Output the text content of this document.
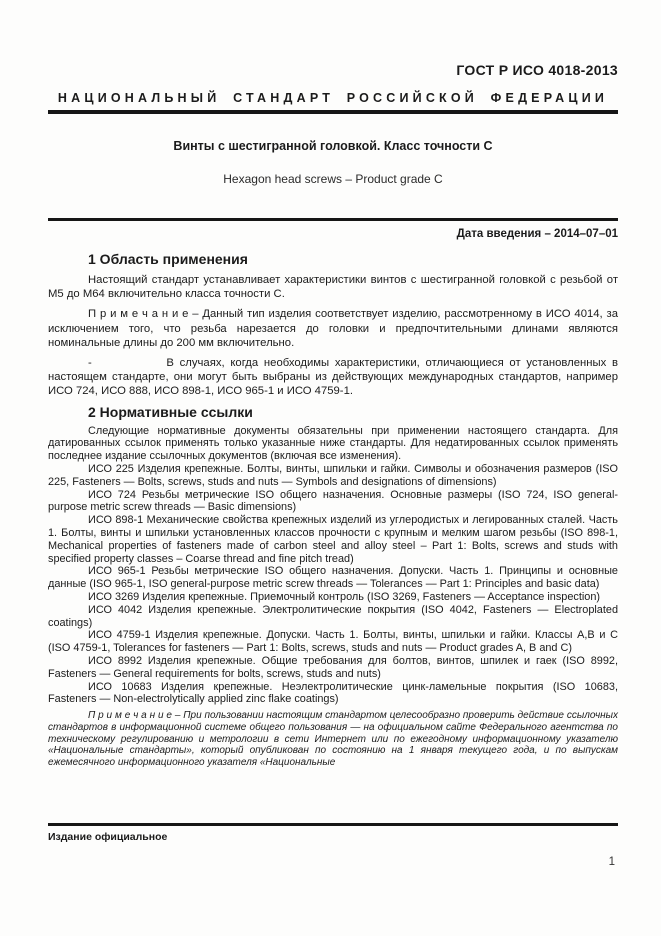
ГОСТ Р ИСО 4018-2013
НАЦИОНАЛЬНЫЙ СТАНДАРТ РОССИЙСКОЙ ФЕДЕРАЦИИ
Винты с шестигранной головкой. Класс точности С
Hexagon head screws – Product grade C
Дата введения – 2014–07–01
1 Область применения

Настоящий стандарт устанавливает характеристики винтов с шестигранной головкой с резьбой от М5 до М64 включительно класса точности С.

П р и м е ч а н и е – Данный тип изделия соответствует изделию, рассмотренному в ИСО 4014, за исключением того, что резьба нарезается до головки и предпочтительными длинами являются номинальные длины до 200 мм включительно.

-             В случаях, когда необходимы характеристики, отличающиеся от установленных в настоящем стандарте, они могут быть выбраны из действующих международных стандартов, например ИСО 724, ИСО 888, ИСО 898-1, ИСО 965-1 и ИСО 4759-1.

2 Нормативные ссылки

Следующие нормативные документы обязательны при применении настоящего стандарта. Для датированных ссылок применять только указанные ниже стандарты. Для недатированных ссылок применять последнее издание ссылочных документов (включая все изменения).

ИСО 225 Изделия крепежные. Болты, винты, шпильки и гайки. Символы и обозначения размеров (ISO 225, Fasteners — Bolts, screws, studs and nuts — Symbols and designations of dimensions)

ИСО 724 Резьбы метрические ISO общего назначения. Основные размеры (ISO 724, ISO general-purpose metric screw threads — Basic dimensions)

ИСО 898-1 Механические свойства крепежных изделий из углеродистых и легированных сталей. Часть 1. Болты, винты и шпильки установленных классов прочности с крупным и мелким шагом резьбы (ISO 898-1, Mechanical properties of fasteners made of carbon steel and alloy steel – Part 1: Bolts, screws and studs with specified property classes – Coarse thread and fine pitch tread)

ИСО 965-1 Резьбы метрические ISO общего назначения. Допуски. Часть 1. Принципы и основные данные (ISO 965-1, ISO general-purpose metric screw threads — Tolerances — Part 1: Principles and basic data)

ИСО 3269 Изделия крепежные. Приемочный контроль (ISO 3269, Fasteners — Acceptance inspection)

ИСО 4042 Изделия крепежные. Электролитические покрытия (ISO 4042, Fasteners — Electroplated coatings)

ИСО 4759-1 Изделия крепежные. Допуски. Часть 1. Болты, винты, шпильки и гайки. Классы А,В и С (ISO 4759-1, Tolerances for fasteners — Part 1: Bolts, screws, studs and nuts — Product grades A, B and C)

ИСО 8992 Изделия крепежные. Общие требования для болтов, винтов, шпилек и гаек (ISO 8992, Fasteners — General requirements for bolts, screws, studs and nuts)

ИСО 10683 Изделия крепежные. Неэлектролитические цинк-ламельные покрытия (ISO 10683, Fasteners — Non-electrolytically applied zinc flake coatings)

П р и м е ч а н и е – При пользовании настоящим стандартом целесообразно проверить действие ссылочных стандартов в информационной системе общего пользования — на официальном сайте Федерального агентства по техническому регулированию и метрологии в сети Интернет или по ежегодному информационному указателю «Национальные стандарты», который опубликован по состоянию на 1 января текущего года, и по выпускам ежемесячного информационного указателя «Национальные

Издание официальное
1
